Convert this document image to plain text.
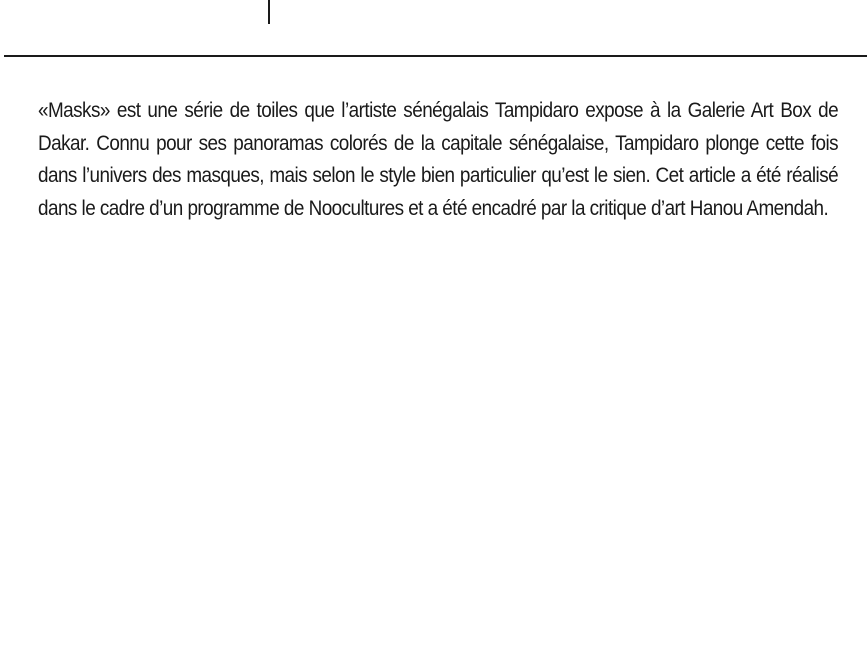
«Masks» est une série de toiles que l’artiste sénégalais Tampidaro expose à la Galerie Art Box de Dakar. Connu pour ses panoramas colorés de la capitale sénégalaise, Tampidaro plonge cette fois dans l’univers des masques, mais selon le style bien particulier qu’est le sien. Cet article a été réalisé dans le cadre d’un programme de Noocultures et a été encadré par la critique d’art Hanou Amendah.
